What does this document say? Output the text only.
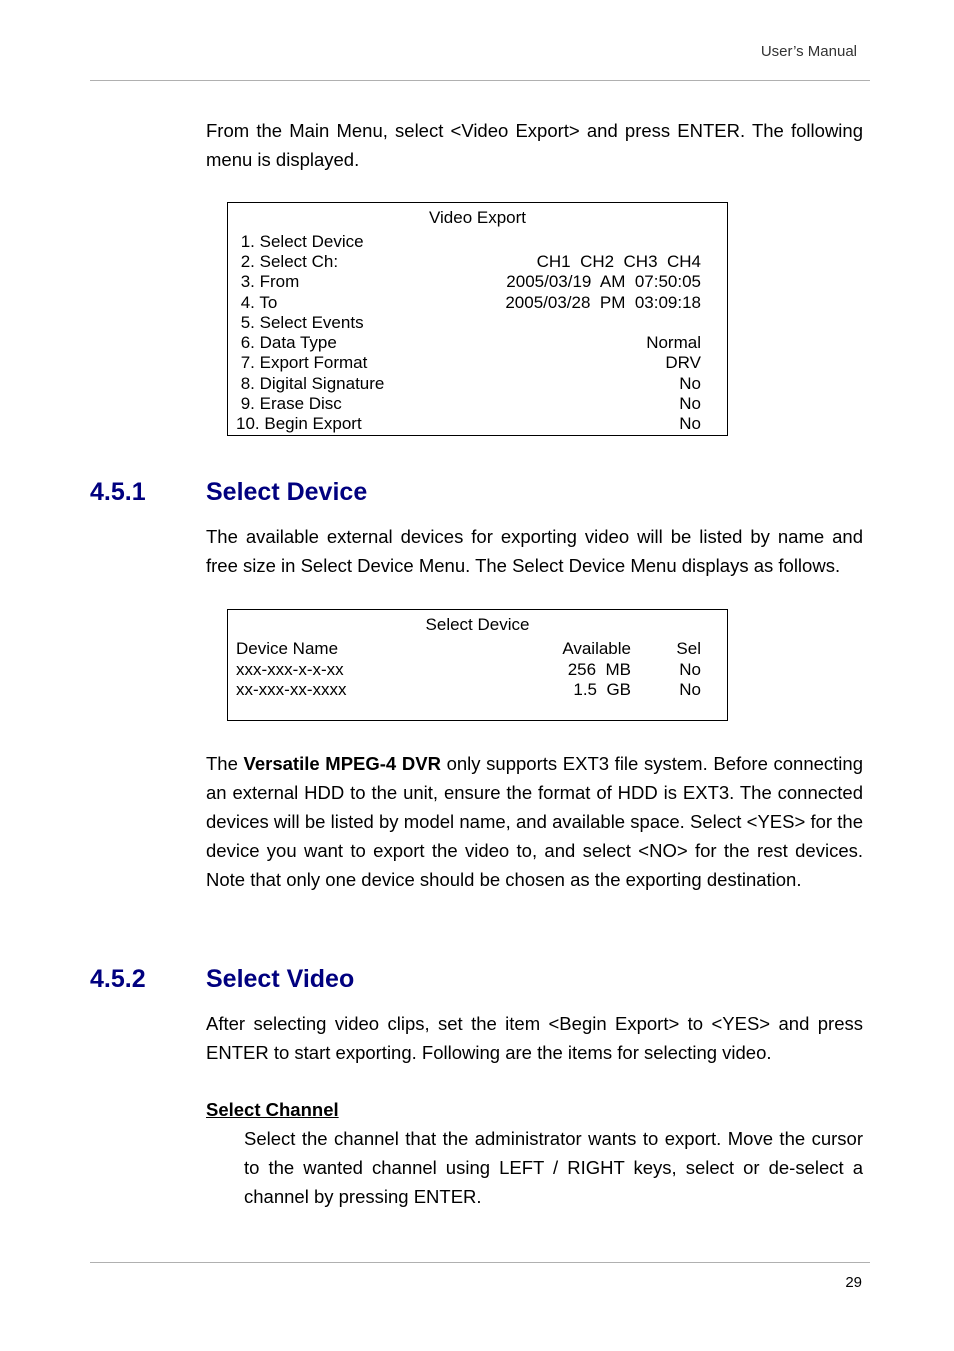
User’s Manual
From the Main Menu, select <Video Export> and press ENTER. The following menu is displayed.
Video Export
1. Select Device
2. Select Ch:	CH1  CH2  CH3  CH4
3. From	2005/03/19  AM  07:50:05
4. To	2005/03/28  PM  03:09:18
5. Select Events
6. Data Type	Normal
7. Export Format	DRV
8. Digital Signature	No
9. Erase Disc	No
10. Begin Export	No
4.5.1 Select Device
The available external devices for exporting video will be listed by name and free size in Select Device Menu. The Select Device Menu displays as follows.
Select Device
Device Name	Available	Sel
xxx-xxx-x-x-xx	256  MB	No
xx-xxx-xx-xxxx	1.5  GB	No
The Versatile MPEG-4 DVR only supports EXT3 file system. Before connecting an external HDD to the unit, ensure the format of HDD is EXT3. The connected devices will be listed by model name, and available space. Select <YES> for the device you want to export the video to, and select <NO> for the rest devices. Note that only one device should be chosen as the exporting destination.
4.5.2 Select Video
After selecting video clips, set the item <Begin Export> to <YES> and press ENTER to start exporting. Following are the items for selecting video.
Select Channel
Select the channel that the administrator wants to export. Move the cursor to the wanted channel using LEFT / RIGHT keys, select or de-select a channel by pressing ENTER.
29
